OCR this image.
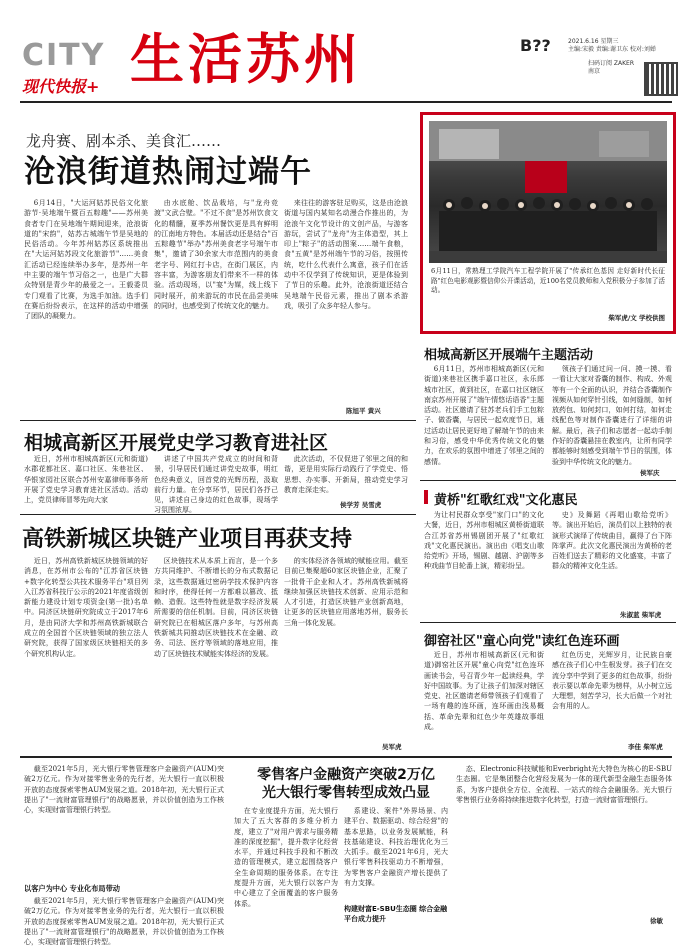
CITY
现代快报+ 生活苏州	B??	2021.6.16 星期三
主编:宋毅 责编:谢卫东 校对:刘婵
扫码订阅 ZAKER南京
龙舟赛、剧本杀、美食汇……
沧浪街道热闹过端午

6月14日，"大运河姑苏民俗文化旅游节·吴地端午暨百五粽趣"——苏州美食者专门在吴地端午期间迎来，沧浪街道的"宋韵"，姑苏古城端午节是吴地的民俗活动。今年苏州姑苏区系统推出在"大运河姑苏段文化旅游节"……美食汇活动已经连续举办多年，是苏州一年中主要的端午节习俗之一，也是广大群众特别是青少年的最爱之一。王毅委员专门观看了比赛，为选手加油。选手们在赛后纷纷表示，在这样的活动中增强了团队的凝聚力。

由水底舱、饮品栽培，与"龙舟竞渡"文武合壁。"不过不食"是苏州饮食文化的精髓，夏季苏州餐饮更是具有鲜明的江南地方特色。本届活动还是结合"百五粽趣节"举办"苏州美食老字号端午市集"，邀请了30余家大市范围内的美食老字号、网红打卡店，在街门展区，内容丰富，为游客朋友们带来不一样的体验。活动现场，以"宴"为媒，线上线下同时展开，前来游玩的市民在品尝美味的同时，也感受到了传统文化的魅力。

来往往的游客驻足购买，这是由沧浪街道与国内某知名动漫合作推出的，为沧浪午文化节设计的文创产品，与游客游玩，尝试了"龙舟"为主体造型，其上印上"粽子"的活动图案……端午食粮，食"五黄"是苏州端午节的习俗，按照传统，吃什么代表什么寓意，孩子们在活动中不仅学到了传统知识，更是体验到了节日的乐趣。此外，沧浪街道还结合吴地端午民俗元素，推出了剧本杀游戏，吸引了众多年轻人参与。

陈旭平 黄兴
6月11日，常熟理工学院汽车工程学院开展了"传承红色基因 走好新时代长征路"红色电影观影暨信仰公开课活动，近100名党员教师和入党积极分子参加了活动。
柴军虎/文 学校供图
相城高新区开展端午主题活动

6月11日，苏州市相城高新区(元和街道)来巷社区携手嘉口社区，永乐郎城市社区，黄到社区，在嘉口社区辖区南京苏州开展了"端午情悠话语香"主题活动。社区邀请了驻苏老兵们手工包粽子、做香囊，与居民一起欢度节日，通过活动让居民更好地了解端午节的由来和习俗，感受中华优秀传统文化的魅力，在欢乐的氛围中增进了邻里之间的感情。

领孩子们通过问一问、摸一摸、看一看让大家对香囊的制作、构成、外观等有一个全面的认识，并结合香囊制作视频从如何穿针引线，如何缝制，如何放药包、如何封口，如何打结，如何走线配色等对制作香囊进行了详细的讲解。最后，孩子们和志愿者一起动手制作好的香囊悬挂在教室内，让所有同学都能够时刻感受到端午节日的氛围，体验到中华传统文化的魅力。

侯军庆
相城高新区开展党史学习教育进社区

近日，苏州市相城高新区(元和街道)水郡花都社区、嘉口社区、朱巷社区、华银家园社区联合苏州安嘉律师事务所开展了党史学习教育进社区活动。活动上，党员律师冒琴先向大家

讲述了中国共产党成立的时间和背景，引导居民们通过讲党史故事，明红色经典意义，回首党的光辉历程，汲取前行力量。在分享环节，居民们各抒己见，讲述自己身边的红色故事，现场学习氛围浓厚。

此次活动，不仅促进了邻里之间的和谐，更是用实际行动践行了学党史、悟思想、办实事、开新局，推动党史学习教育走深走实。

侯学芳 吴雪虎
高铁新城区块链产业项目再获支持

近日，苏州高铁新城区块链领域的好消息，在苏州市公布的"江苏省区块链+数字化转型公共技术服务平台"项目列入江苏省科技厅公示的2021年度省级创新能力建设计划专项资金(第一批)名单中。同济区块链研究院成立于2017年6月，是由同济大学和苏州高铁新城联合成立的全国首个区块链领域的独立法人研究院，获得了国家级区块链相关的多个研究机构认定。

区块链技术从本质上而言，是一个多方共同维护、不断增长的分布式数据记录，这些数据通过密码学技术保护内容和时序，使得任何一方都难以篡改、抵赖、造假。这些特性就是数字经济发展所需要的信任机制。目前，同济区块链研究院已在相城区落户多年，与苏州高铁新城共同推动区块链技术在金融、政务、司法、医疗等领域的落地应用，推动了区块链技术赋能实体经济的发展。

的实体经济各领域的赋能应用。截至目前已集聚超60家区块链企业，汇聚了一批骨干企业和人才。苏州高铁新城将继续加强区块链技术创新、应用示范和人才引进，打造区块链产业创新高地，让更多的区块链应用落地苏州，服务长三角一体化发展。

吴军虎
黄桥"红歌红戏"文化惠民

为让村民群众享受"家门口"的文化大餐，近日，苏州市相城区黄桥街道联合江苏省苏州锡剧团开展了"红歌红戏"文化惠民演出。演出由《唱支山歌给党听》开场，锡剧、越剧、沪剧等多种戏曲节目轮番上演，精彩纷呈。

史》及舞蹈《再唱山歌给党听》等。演出开始后，演员们以上独特的表演形式演绎了传统曲目，赢得了台下阵阵掌声。此次文化惠民演出为黄桥的老百姓们送去了精彩的文化盛宴，丰富了群众的精神文化生活。

朱淑蓝 柴军虎
御窑社区"童心向党"读红色连环画

近日，苏州市相城高新区(元和街道)御窑社区开展"童心向党"红色连环画读书会，号召青少年一起读经典，学好中国故事。为了让孩子们加深对辖区党史、社区邀请老师带领孩子们观看了一场有趣的连环画，连环画由浅易概括、革命先辈和红色少年英雄故事组成。

红色历史，光辉岁月，让民族自豪感在孩子们心中生根发芽。孩子们在交流分享中学到了更多的红色故事，纷纷表示要以革命先辈为榜样，从小树立远大理想，刻苦学习，长大后做一个对社会有用的人。

李佳 柴军虎
零售客户金融资产突破2万亿
光大银行零售转型成效凸显

截至2021年5月，光大银行零售管理客户金融资产(AUM)突破2万亿元。作为对接零售业务的先行者，光大银行一直以积极开放的态度探索零售AUM发展之道。2018年初，光大银行正式提出了"一流财富管理银行"的战略愿景，并以价值创造为工作核心，实现财富管理银行转型。

以客户为中心 专业化布局带动

截至2021年5月，光大银行零售管理客户金融资产(AUM)突破2万亿元。作为对接零售业务的先行者，光大银行一直以积极开放的态度探索零售AUM发展之道。2018年初，光大银行正式提出了"一流财富管理银行"的战略愿景，并以价值创造为工作核心，实现财富管理银行转型。

在专业度提升方面，光大银行加大了五大客群的多维分析力度，建立了"对用户需求与服务精准的深度挖掘"，提升数字化经营水平，并通过科技手段和不断改造的管理模式，建立起围绕客户全生命周期的服务体系。在专注度提升方面，光大银行以客户为中心建立了全面覆盖的客户服务体系。

系建设、案件"外界场景、内建平台、数据驱动、综合经营"的基本思路，以业务发展赋能，科技基础建设、科技治理优化为三大抓手。截至2021年6月，光大银行零售科技驱动力不断增强，为零售客户金融资产增长提供了有力支撑。

构建财富E-SBU生态圈 综合金融平台成力提升

态、Electronic科技赋能和Everbright光大特色为核心的E-SBU生态圈。它是集团整合化营经发展为一体的现代新型金融生态服务体系，为客户提供全方位、全流程、一站式的综合金融服务。光大银行零售银行业务将持续推进数字化转型，打造一流财富管理银行。

徐敏
